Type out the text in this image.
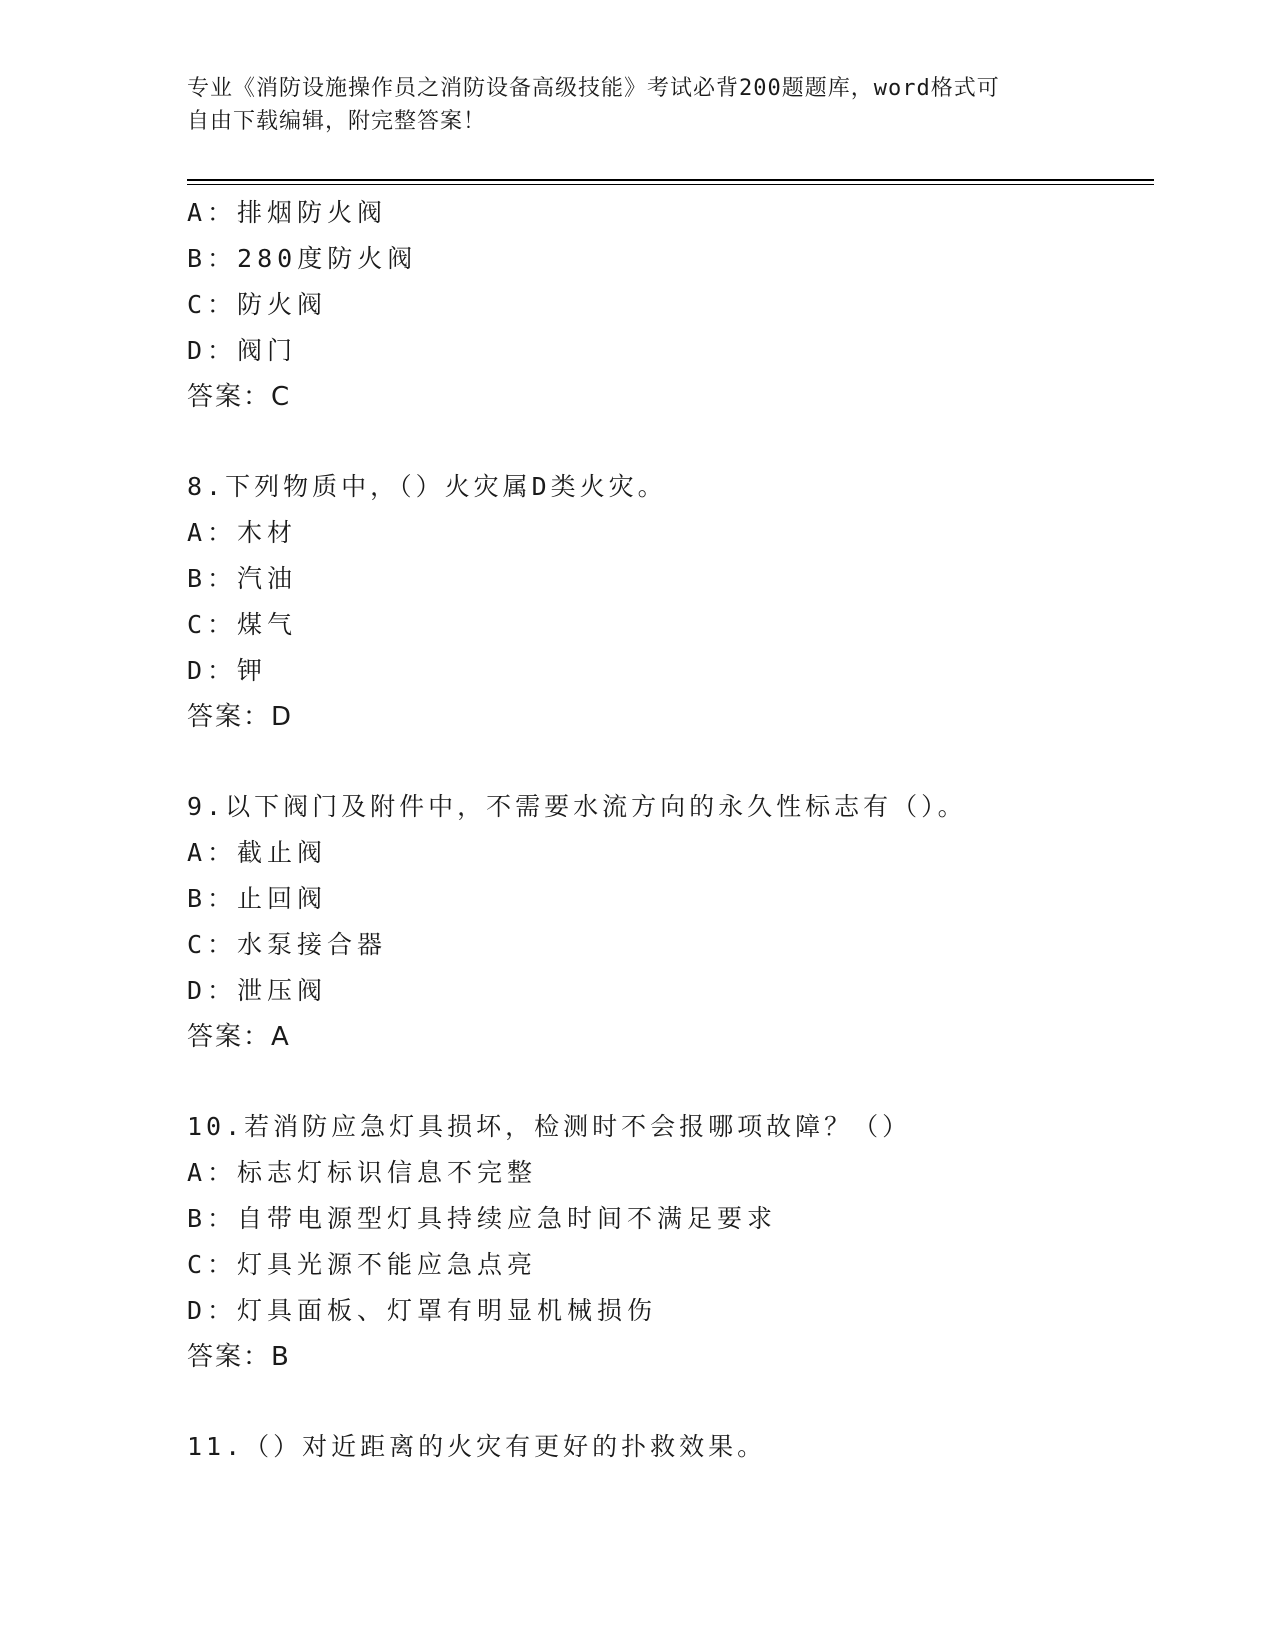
专业《消防设施操作员之消防设备高级技能》考试必背200题题库，word格式可
自由下载编辑，附完整答案！
A：排烟防火阀
B：280度防火阀
C：防火阀
D：阀门
答案：C
8.下列物质中，（）火灾属D类火灾。
A：木材
B：汽油
C：煤气
D：钾
答案：D
9.以下阀门及附件中，不需要水流方向的永久性标志有（）。
A：截止阀
B：止回阀
C：水泵接合器
D：泄压阀
答案：A
10.若消防应急灯具损坏，检测时不会报哪项故障？（）
A：标志灯标识信息不完整
B：自带电源型灯具持续应急时间不满足要求
C：灯具光源不能应急点亮
D：灯具面板、灯罩有明显机械损伤
答案：B
11.（）对近距离的火灾有更好的扑救效果。
